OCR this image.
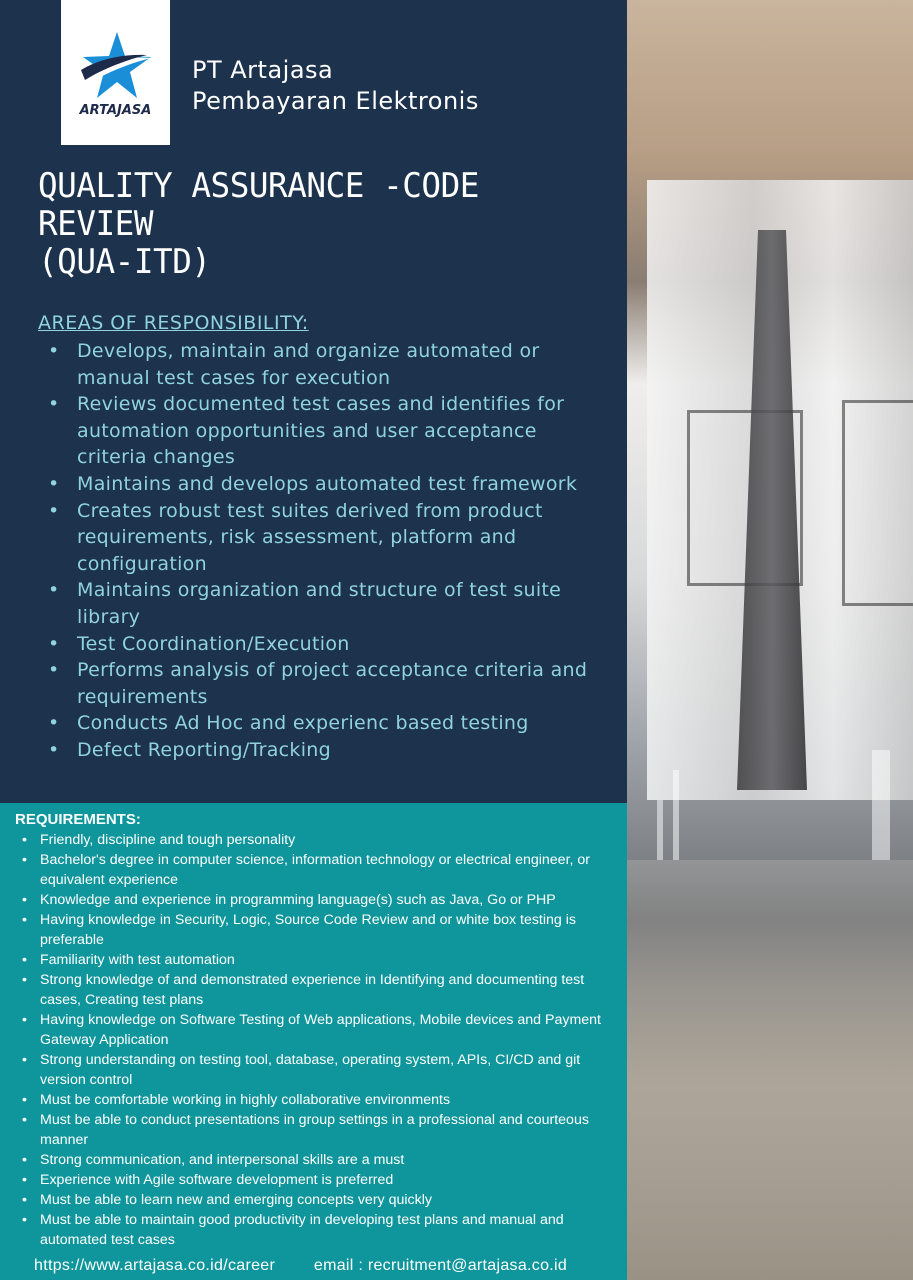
ARTAJASA
PT Artajasa
Pembayaran Elektronis
QUALITY ASSURANCE -CODE REVIEW
(QUA-ITD)
AREAS OF RESPONSIBILITY:
• Develops, maintain and organize automated or manual test cases for execution
• Reviews documented test cases and identifies for automation opportunities and user acceptance criteria changes
• Maintains and develops automated test framework
• Creates robust test suites derived from product requirements, risk assessment, platform and configuration
• Maintains organization and structure of test suite library
• Test Coordination/Execution
• Performs analysis of project acceptance criteria and requirements
• Conducts Ad Hoc and experienc based testing
• Defect Reporting/Tracking
REQUIREMENTS:
• Friendly, discipline and tough personality
• Bachelor's degree in computer science, information technology or electrical engineer, or equivalent experience
• Knowledge and experience in programming language(s) such as Java, Go or PHP
• Having knowledge in Security, Logic, Source Code Review and or white box testing is preferable
• Familiarity with test automation
• Strong knowledge of and demonstrated experience in Identifying and documenting test cases, Creating test plans
• Having knowledge on Software Testing of Web applications, Mobile devices and Payment Gateway Application
• Strong understanding on testing tool, database, operating system, APIs, CI/CD and git version control
• Must be comfortable working in highly collaborative environments
• Must be able to conduct presentations in group settings in a professional and courteous manner
• Strong communication, and interpersonal skills are a must
• Experience with Agile software development is preferred
• Must be able to learn new and emerging concepts very quickly
• Must be able to maintain good productivity in developing test plans and manual and automated test cases
https://www.artajasa.co.id/career email : recruitment@artajasa.co.id
